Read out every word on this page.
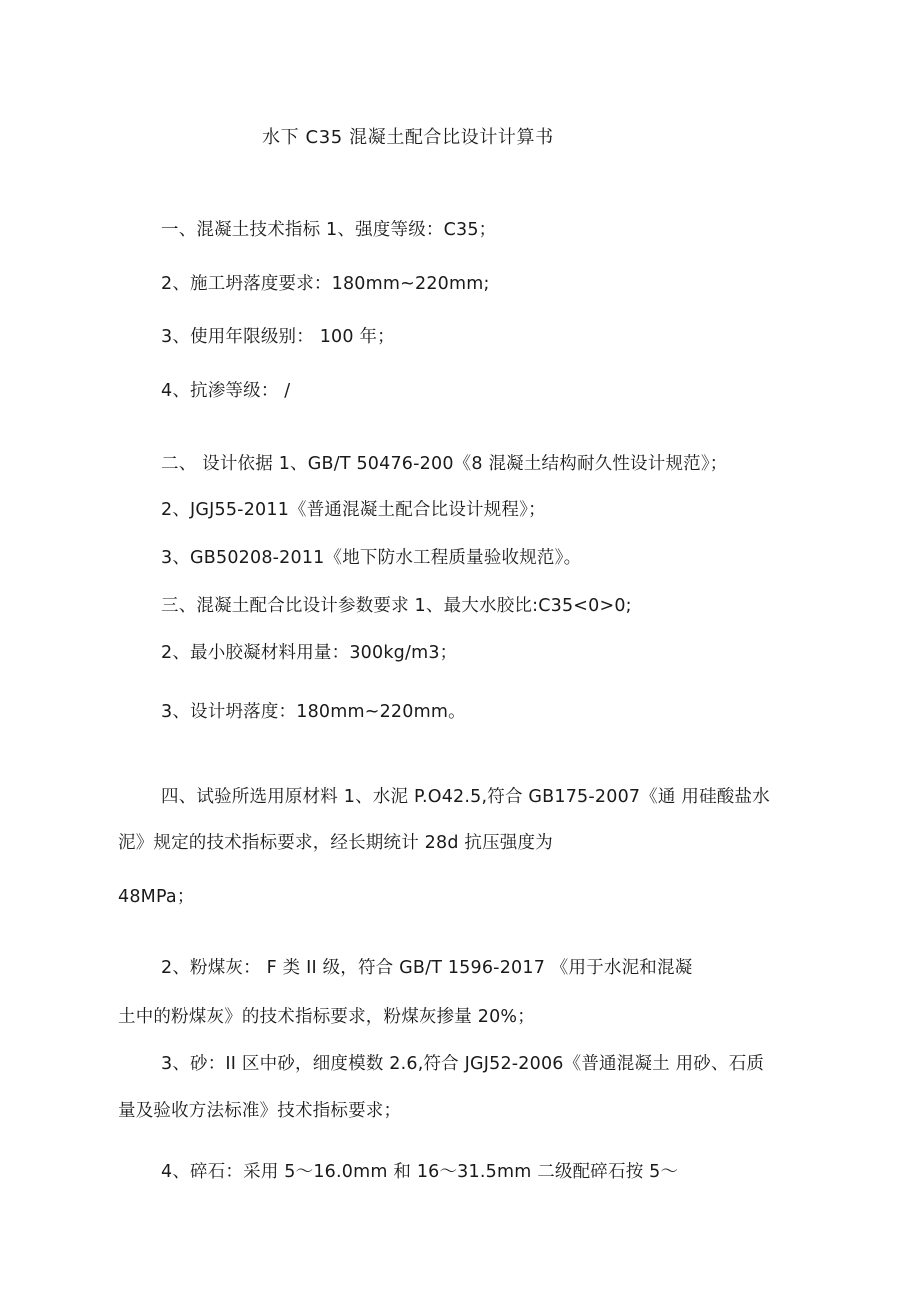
水下 C35 混凝土配合比设计计算书
一、混凝土技术指标 1、强度等级：C35；
2、施工坍落度要求：180mm~220mm;
3、使用年限级别： 100 年；
4、抗渗等级： /
二、 设计依据 1、GB/T 50476-200《8 混凝土结构耐久性设计规范》；
2、JGJ55-2011《普通混凝土配合比设计规程》；
3、GB50208-2011《地下防水工程质量验收规范》。
三、混凝土配合比设计参数要求 1、最大水胶比:C35<0>0;
2、最小胶凝材料用量：300kg/m3；
3、设计坍落度：180mm~220mm。
四、试验所选用原材料 1、水泥 P.O42.5,符合 GB175-2007《通 用硅酸盐水
泥》规定的技术指标要求，经长期统计 28d 抗压强度为
48MPa；
2、粉煤灰： F 类 II 级，符合 GB/T 1596-2017 《用于水泥和混凝
土中的粉煤灰》的技术指标要求，粉煤灰掺量 20%；
3、砂：II 区中砂，细度模数 2.6,符合 JGJ52-2006《普通混凝土 用砂、石质
量及验收方法标准》技术指标要求；
4、碎石：采用 5〜16.0mm 和 16〜31.5mm 二级配碎石按 5〜
